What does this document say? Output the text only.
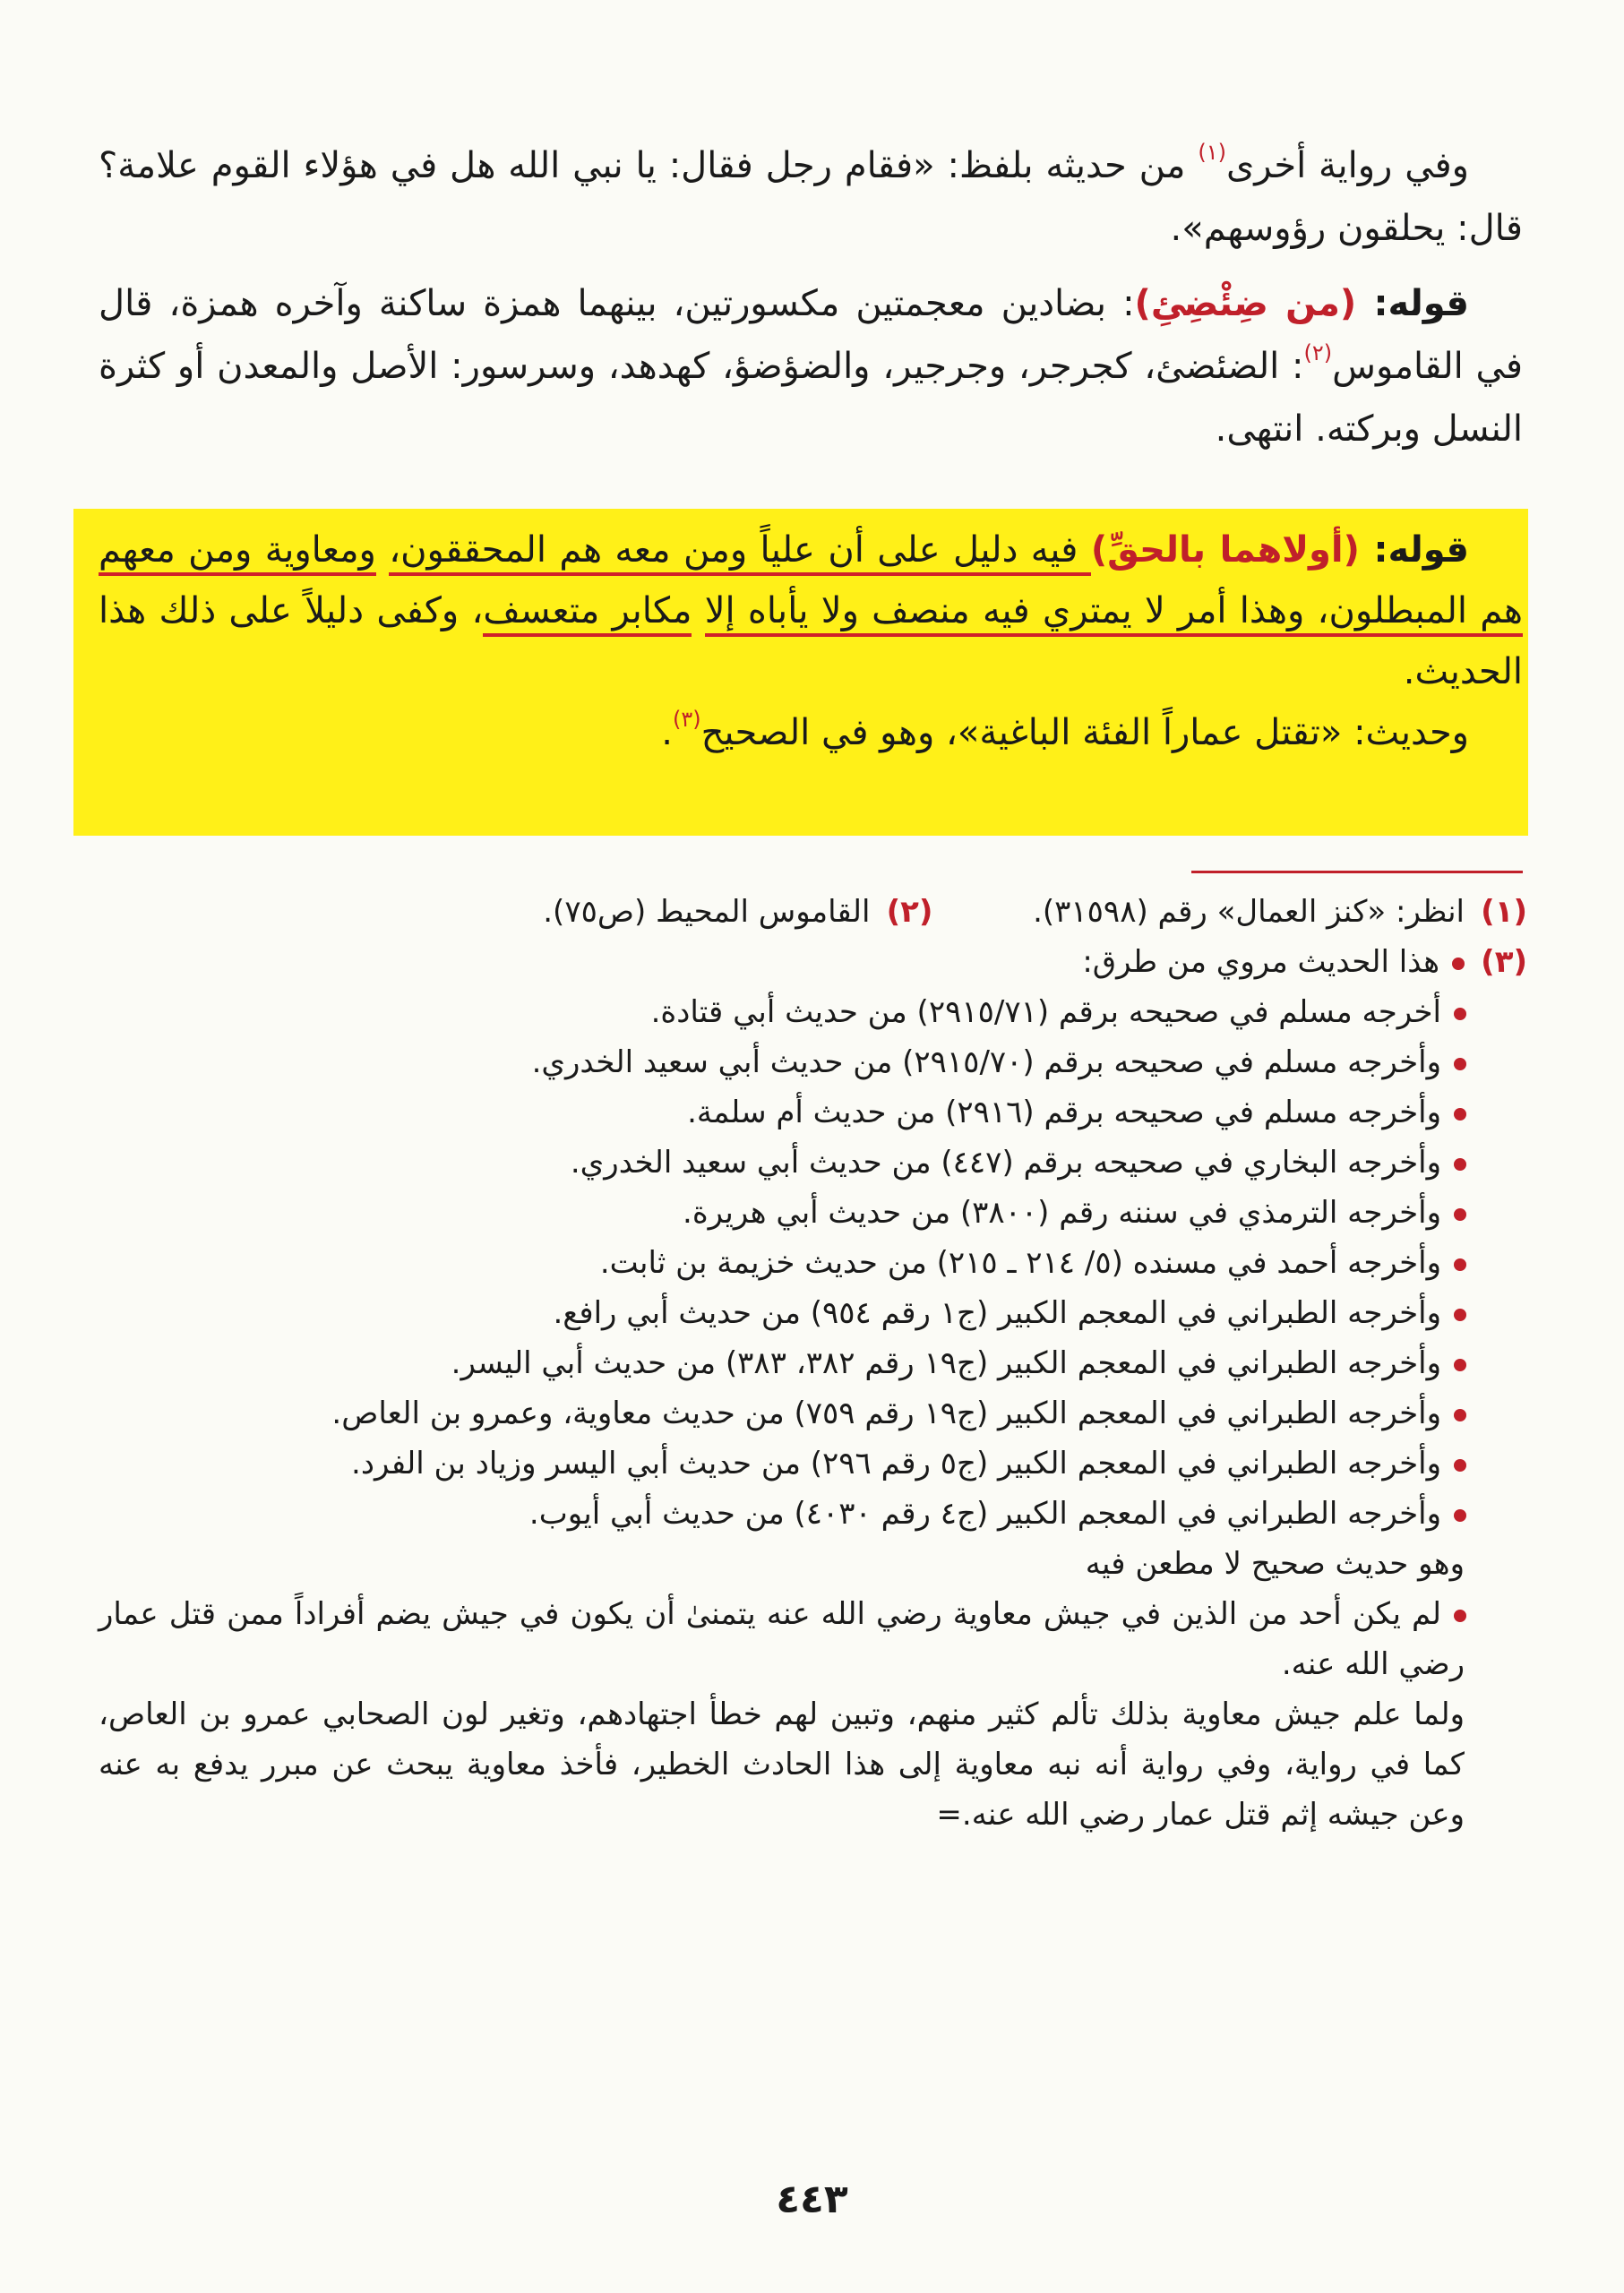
وفي رواية أخرى$^{(١)}$ من حديثه بلفظ: «فقام رجل فقال: يا نبي الله هل في هؤلاء القوم علامة؟ قال: يحلقون رؤوسهم».

قوله: (من ضِئْضِئِ): بضادين معجمتين مكسورتين، بينهما همزة ساكنة وآخره همزة، قال في القاموس$^{(٢)}$: الضئضئ، كجرجر، وجرجير، والضؤضؤ، كهدهد، وسرسور: الأصل والمعدن أو كثرة النسل وبركته. انتهى.

قوله: (أولاهما بالحقِّ) فيه دليل على أن علياً ومن معه هم المحققون، ومعاوية ومن معهم هم المبطلون، وهذا أمر لا يمتري فيه منصف ولا يأباه إلا مكابر متعسف، وكفى دليلاً على ذلك هذا الحديث.

وحديث: «تقتل عماراً الفئة الباغية»، وهو في الصحيح$^{(٣)}$.

(١)انظر: «كنز العمال» رقم (٣١٥٩٨).  (٢)القاموس المحيط (ص٧٥).

(٣)هذا الحديث مروي من طرق:

أخرجه مسلم في صحيحه برقم (٢٩١٥/٧١) من حديث أبي قتادة.

وأخرجه مسلم في صحيحه برقم (٢٩١٥/٧٠) من حديث أبي سعيد الخدري.

وأخرجه مسلم في صحيحه برقم (٢٩١٦) من حديث أم سلمة.

وأخرجه البخاري في صحيحه برقم (٤٤٧) من حديث أبي سعيد الخدري.

وأخرجه الترمذي في سننه رقم (٣٨٠٠) من حديث أبي هريرة.

وأخرجه أحمد في مسنده (٥/ ٢١٤ ـ ٢١٥) من حديث خزيمة بن ثابت.

وأخرجه الطبراني في المعجم الكبير (ج١ رقم ٩٥٤) من حديث أبي رافع.

وأخرجه الطبراني في المعجم الكبير (ج١٩ رقم ٣٨٢، ٣٨٣) من حديث أبي اليسر.

وأخرجه الطبراني في المعجم الكبير (ج١٩ رقم ٧٥٩) من حديث معاوية، وعمرو بن العاص.

وأخرجه الطبراني في المعجم الكبير (ج٥ رقم ٢٩٦) من حديث أبي اليسر وزياد بن الفرد.

وأخرجه الطبراني في المعجم الكبير (ج٤ رقم ٤٠٣٠) من حديث أبي أيوب.

وهو حديث صحيح لا مطعن فيه

لم يكن أحد من الذين في جيش معاوية رضي الله عنه يتمنىٰ أن يكون في جيش يضم أفراداً ممن قتل عمار رضي الله عنه.

ولما علم جيش معاوية بذلك تألم كثير منهم، وتبين لهم خطأ اجتهادهم، وتغير لون الصحابي عمرو بن العاص، كما في رواية، وفي رواية أنه نبه معاوية إلى هذا الحادث الخطير، فأخذ معاوية يبحث عن مبرر يدفع به عنه وعن جيشه إثم قتل عمار رضي الله عنه.=

٤٤٣
